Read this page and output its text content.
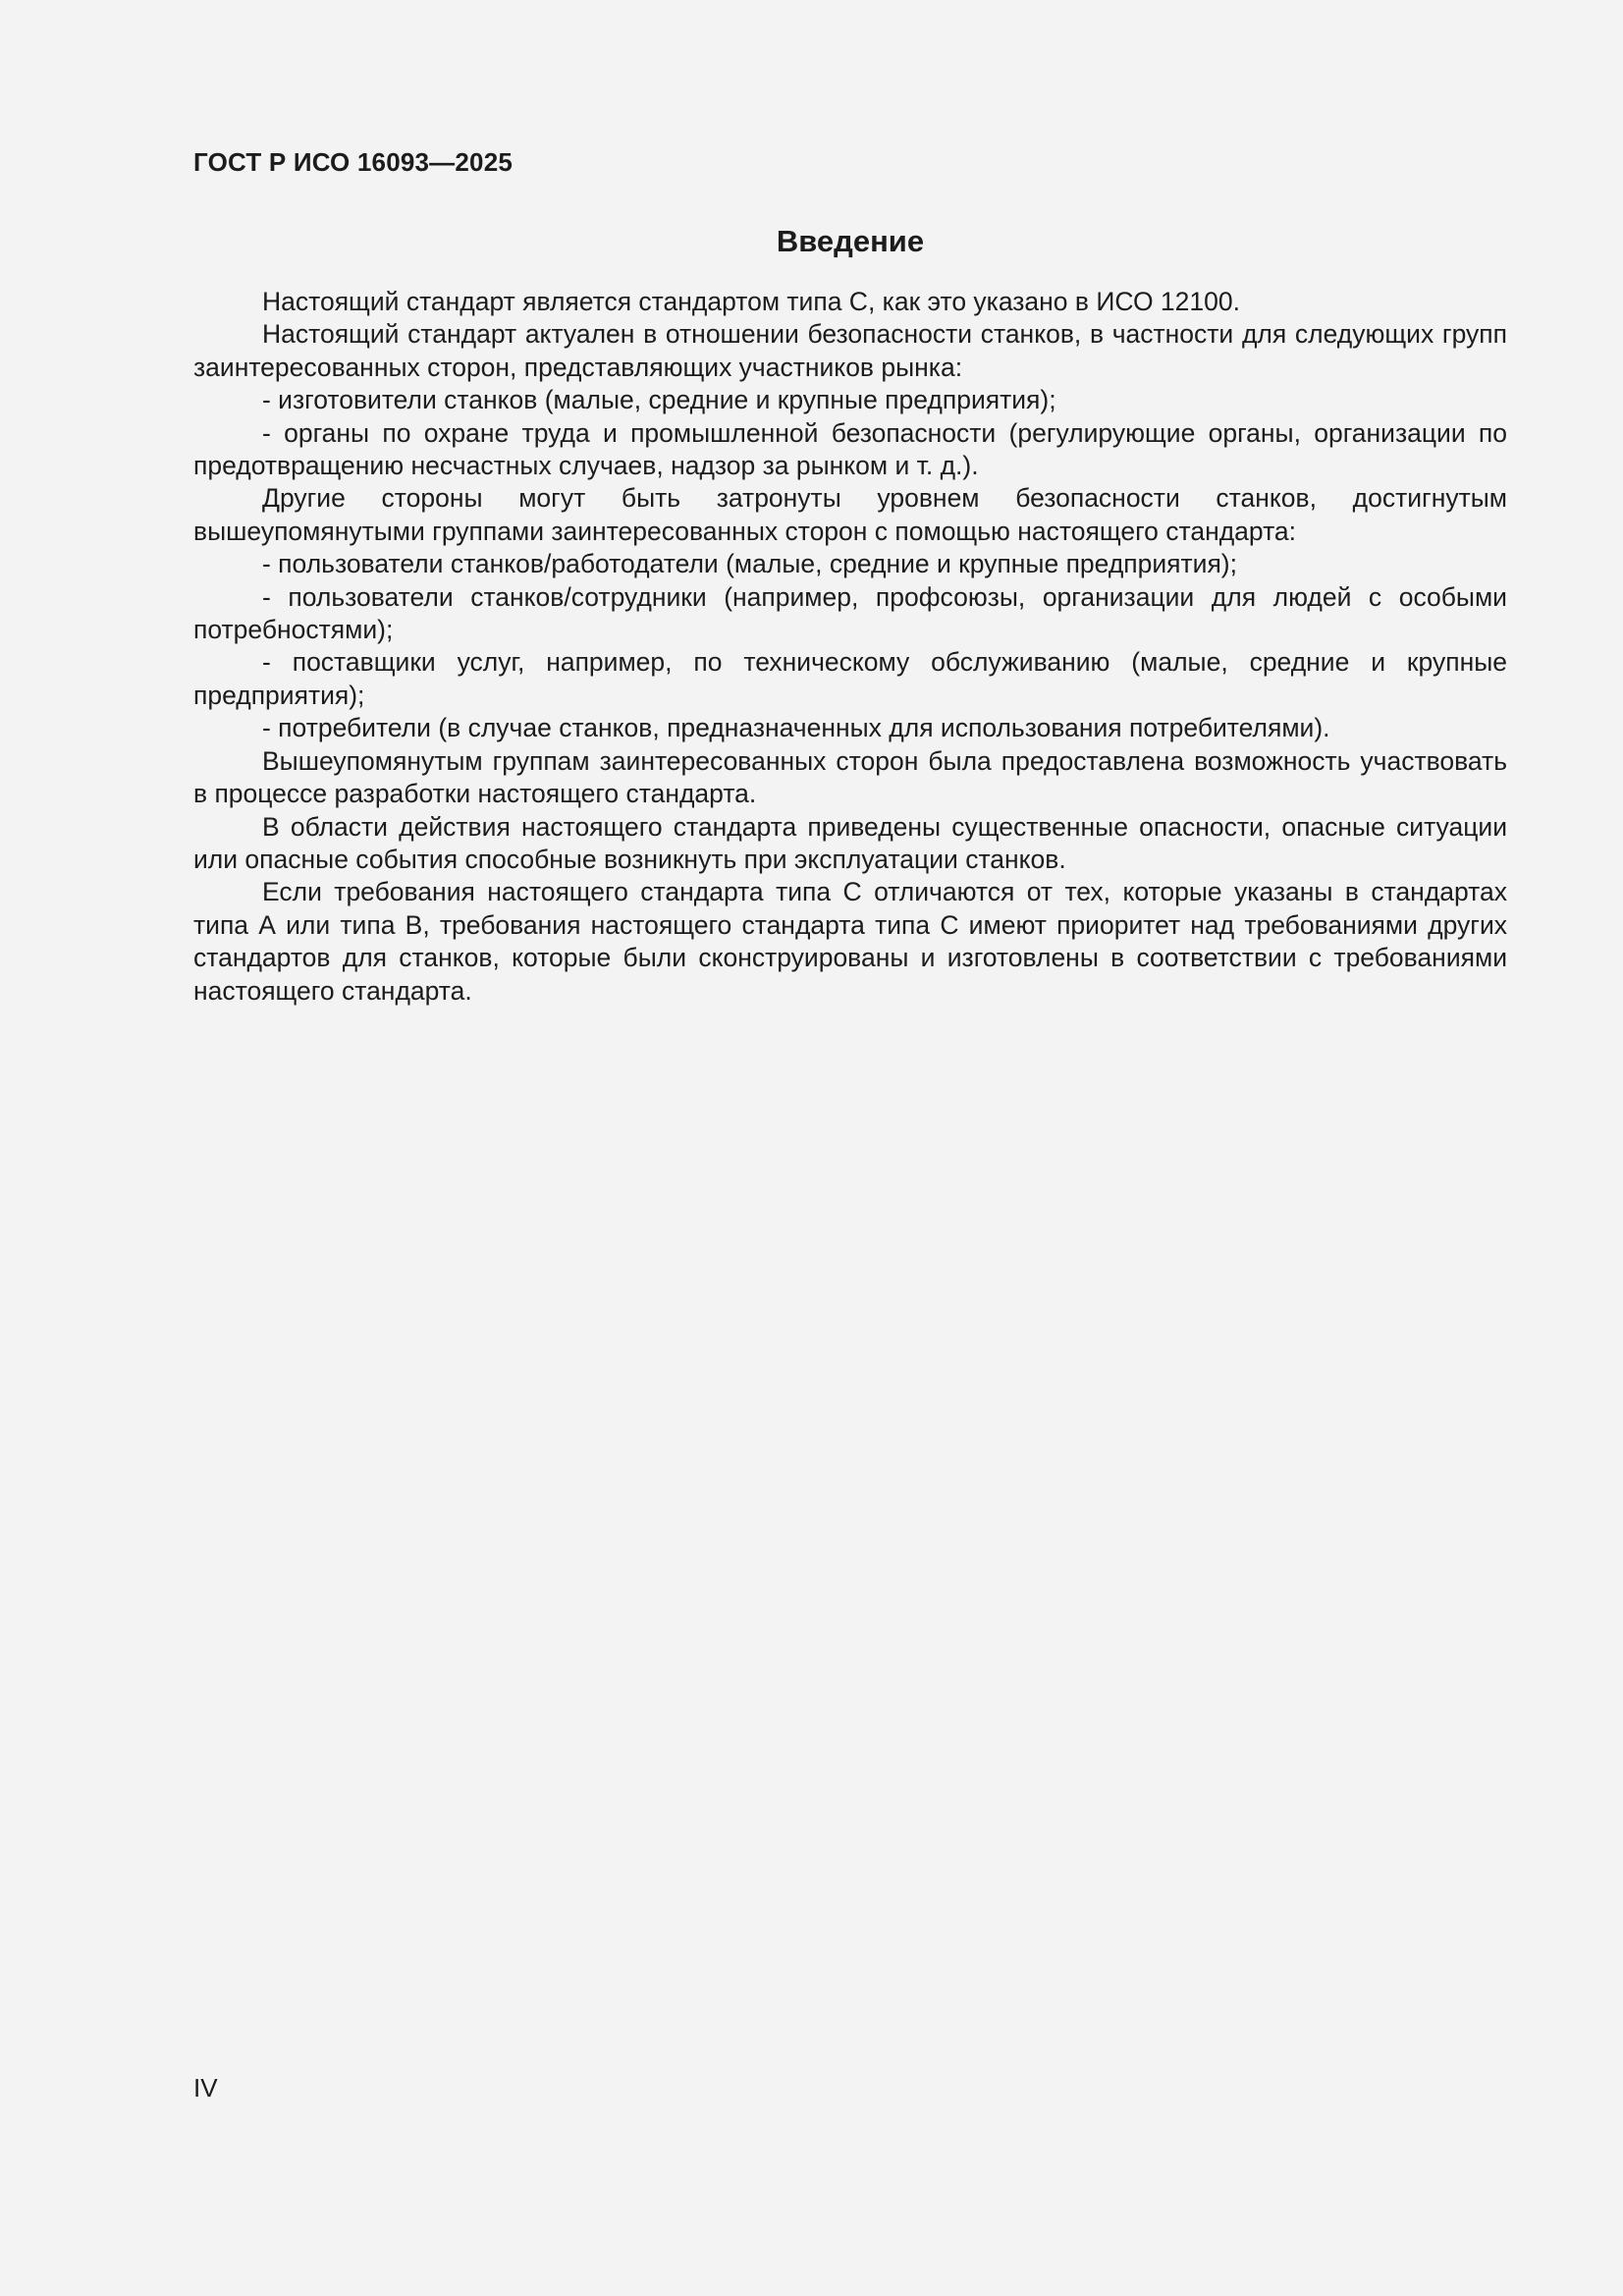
ГОСТ Р ИСО 16093—2025

Введение

Настоящий стандарт является стандартом типа С, как это указано в ИСО 12100.

Настоящий стандарт актуален в отношении безопасности станков, в частности для следующих групп заинтересованных сторон, представляющих участников рынка:

- изготовители станков (малые, средние и крупные предприятия);

- органы по охране труда и промышленной безопасности (регулирующие органы, организации по предотвращению несчастных случаев, надзор за рынком и т. д.).

Другие стороны могут быть затронуты уровнем безопасности станков, достигнутым вышеупомянутыми группами заинтересованных сторон с помощью настоящего стандарта:

- пользователи станков/работодатели (малые, средние и крупные предприятия);

- пользователи станков/сотрудники (например, профсоюзы, организации для людей с особыми потребностями);

- поставщики услуг, например, по техническому обслуживанию (малые, средние и крупные предприятия);

- потребители (в случае станков, предназначенных для использования потребителями).

Вышеупомянутым группам заинтересованных сторон была предоставлена возможность участвовать в процессе разработки настоящего стандарта.

В области действия настоящего стандарта приведены существенные опасности, опасные ситуации или опасные события способные возникнуть при эксплуатации станков.

Если требования настоящего стандарта типа С отличаются от тех, которые указаны в стандартах типа А или типа В, требования настоящего стандарта типа С имеют приоритет над требованиями других стандартов для станков, которые были сконструированы и изготовлены в соответствии с требованиями настоящего стандарта.

IV
